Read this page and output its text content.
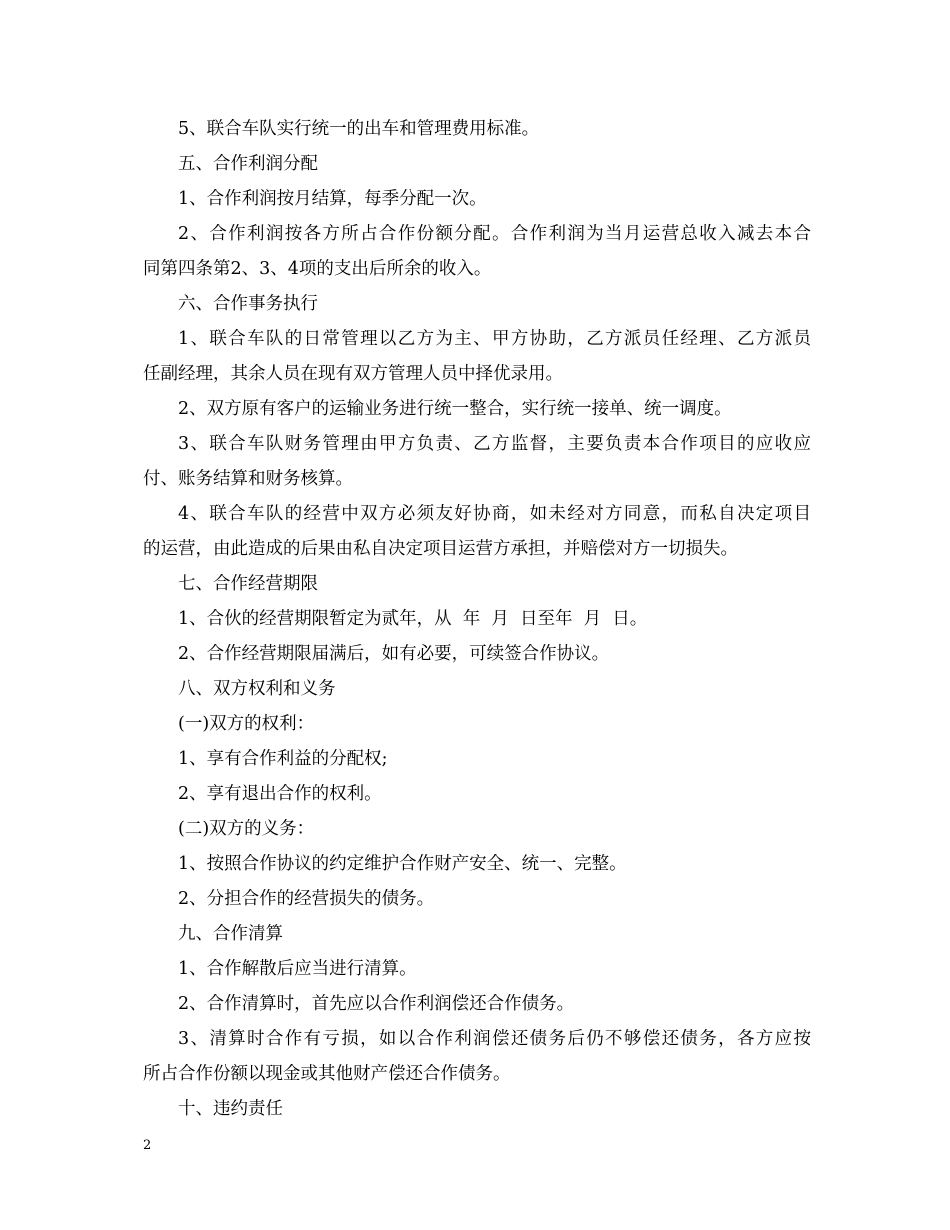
5、联合车队实行统一的出车和管理费用标准。
五、合作利润分配
1、合作利润按月结算，每季分配一次。
2、合作利润按各方所占合作份额分配。合作利润为当月运营总收入减去本合
同第四条第2、3、4项的支出后所余的收入。
六、合作事务执行
1、联合车队的日常管理以乙方为主、甲方协助，乙方派员任经理、乙方派员
任副经理，其余人员在现有双方管理人员中择优录用。
2、双方原有客户的运输业务进行统一整合，实行统一接单、统一调度。
3、联合车队财务管理由甲方负责、乙方监督，主要负责本合作项目的应收应
付、账务结算和财务核算。
4、联合车队的经营中双方必须友好协商，如未经对方同意，而私自决定项目
的运营，由此造成的后果由私自决定项目运营方承担，并赔偿对方一切损失。
七、合作经营期限
1、合伙的经营期限暂定为贰年，从  年  月  日至年  月  日。
2、合作经营期限届满后，如有必要，可续签合作协议。
八、双方权利和义务
(一)双方的权利：
1、享有合作利益的分配权;
2、享有退出合作的权利。
(二)双方的义务：
1、按照合作协议的约定维护合作财产安全、统一、完整。
2、分担合作的经营损失的债务。
九、合作清算
1、合作解散后应当进行清算。
2、合作清算时，首先应以合作利润偿还合作债务。
3、清算时合作有亏损，如以合作利润偿还债务后仍不够偿还债务，各方应按
所占合作份额以现金或其他财产偿还合作债务。
十、违约责任
2
